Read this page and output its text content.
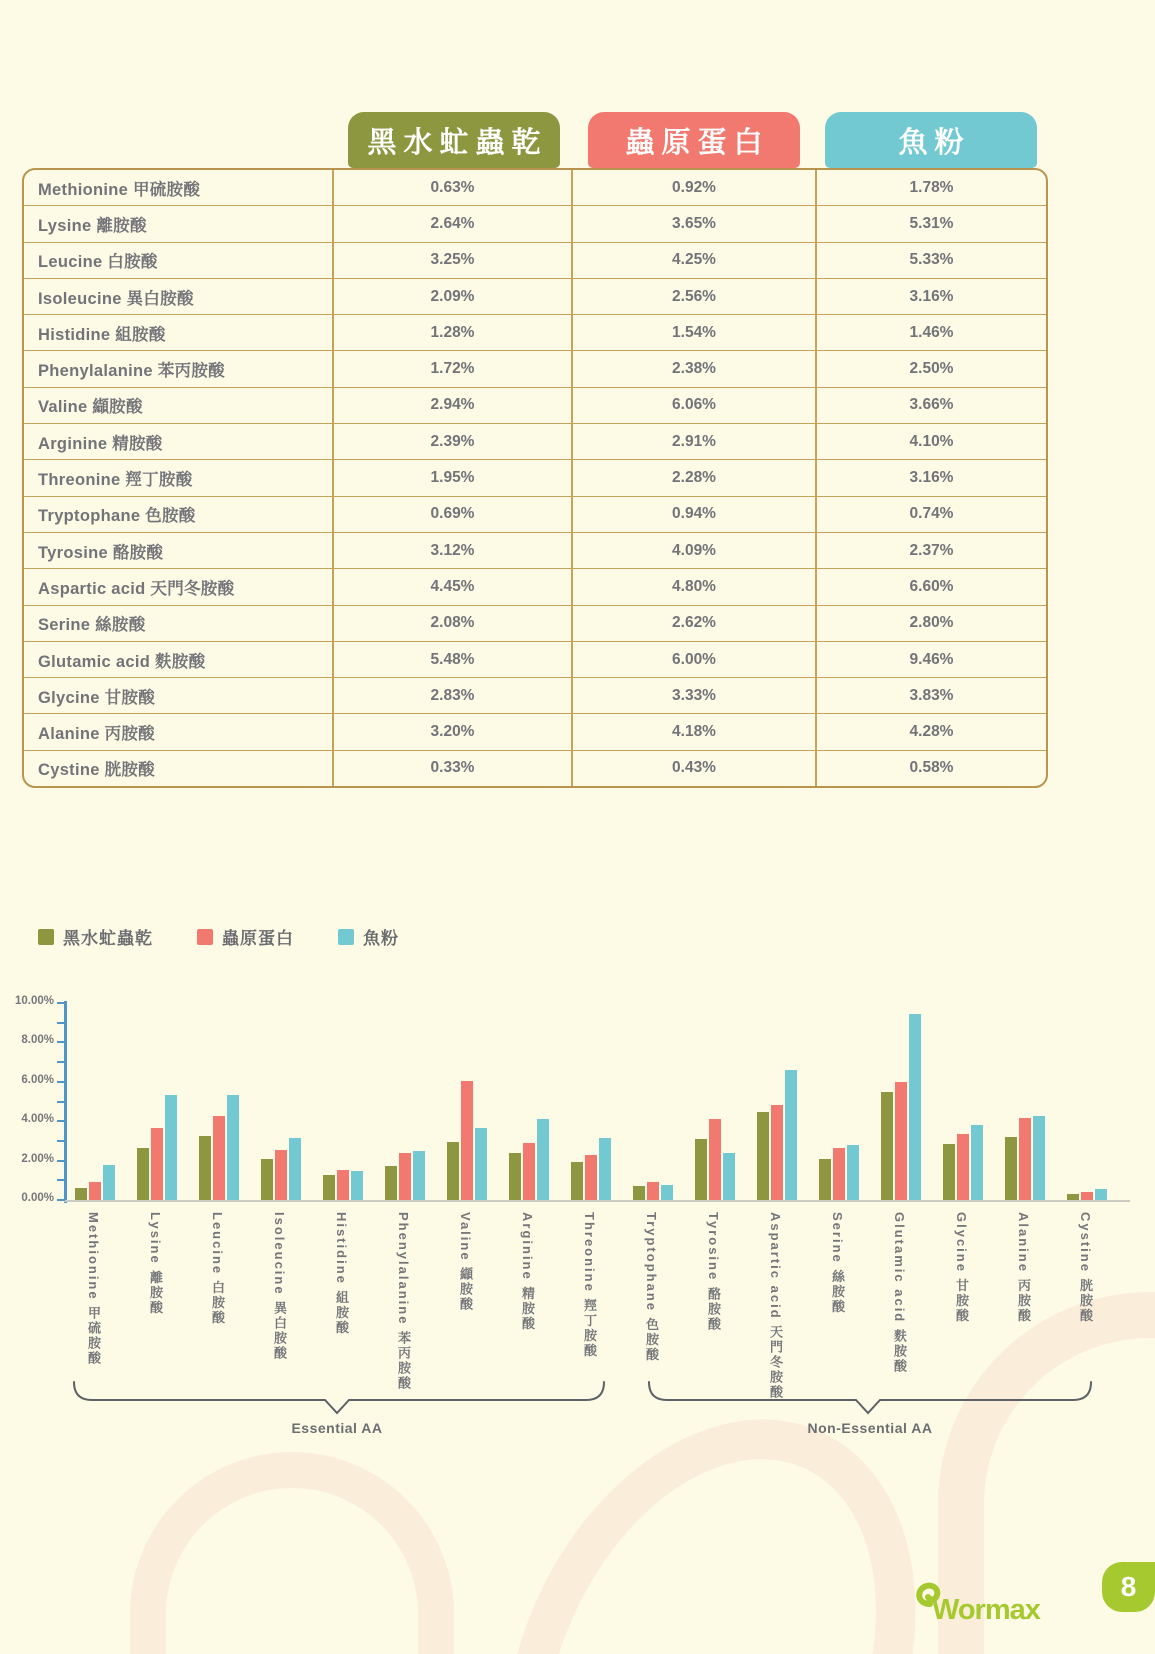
黑水虻蟲乾	蟲原蛋白	魚粉
Methionine 甲硫胺酸	0.63%	0.92%	1.78%
Lysine 離胺酸	2.64%	3.65%	5.31%
Leucine 白胺酸	3.25%	4.25%	5.33%
Isoleucine 異白胺酸	2.09%	2.56%	3.16%
Histidine 組胺酸	1.28%	1.54%	1.46%
Phenylalanine 苯丙胺酸	1.72%	2.38%	2.50%
Valine 纈胺酸	2.94%	6.06%	3.66%
Arginine 精胺酸	2.39%	2.91%	4.10%
Threonine 羥丁胺酸	1.95%	2.28%	3.16%
Tryptophane 色胺酸	0.69%	0.94%	0.74%
Tyrosine 酪胺酸	3.12%	4.09%	2.37%
Aspartic acid 天門冬胺酸	4.45%	4.80%	6.60%
Serine 絲胺酸	2.08%	2.62%	2.80%
Glutamic acid 麩胺酸	5.48%	6.00%	9.46%
Glycine 甘胺酸	2.83%	3.33%	3.83%
Alanine 丙胺酸	3.20%	4.18%	4.28%
Cystine 胱胺酸	0.33%	0.43%	0.58%
黑水虻蟲乾	蟲原蛋白	魚粉
0.00%
2.00%
4.00%
6.00%
8.00%
10.00%
Methionine 甲硫胺酸	Lysine 離胺酸	Leucine 白胺酸	Isoleucine 異白胺酸	Histidine 組胺酸	Phenylalanine 苯丙胺酸	Valine 纈胺酸	Arginine 精胺酸	Threonine 羥丁胺酸	Tryptophane 色胺酸	Tyrosine 酪胺酸	Aspartic acid 天門冬胺酸	Serine 絲胺酸	Glutamic acid 麩胺酸	Glycine 甘胺酸	Alanine 丙胺酸	Cystine 胱胺酸
Essential AA	Non-Essential AA
Wormax
8
